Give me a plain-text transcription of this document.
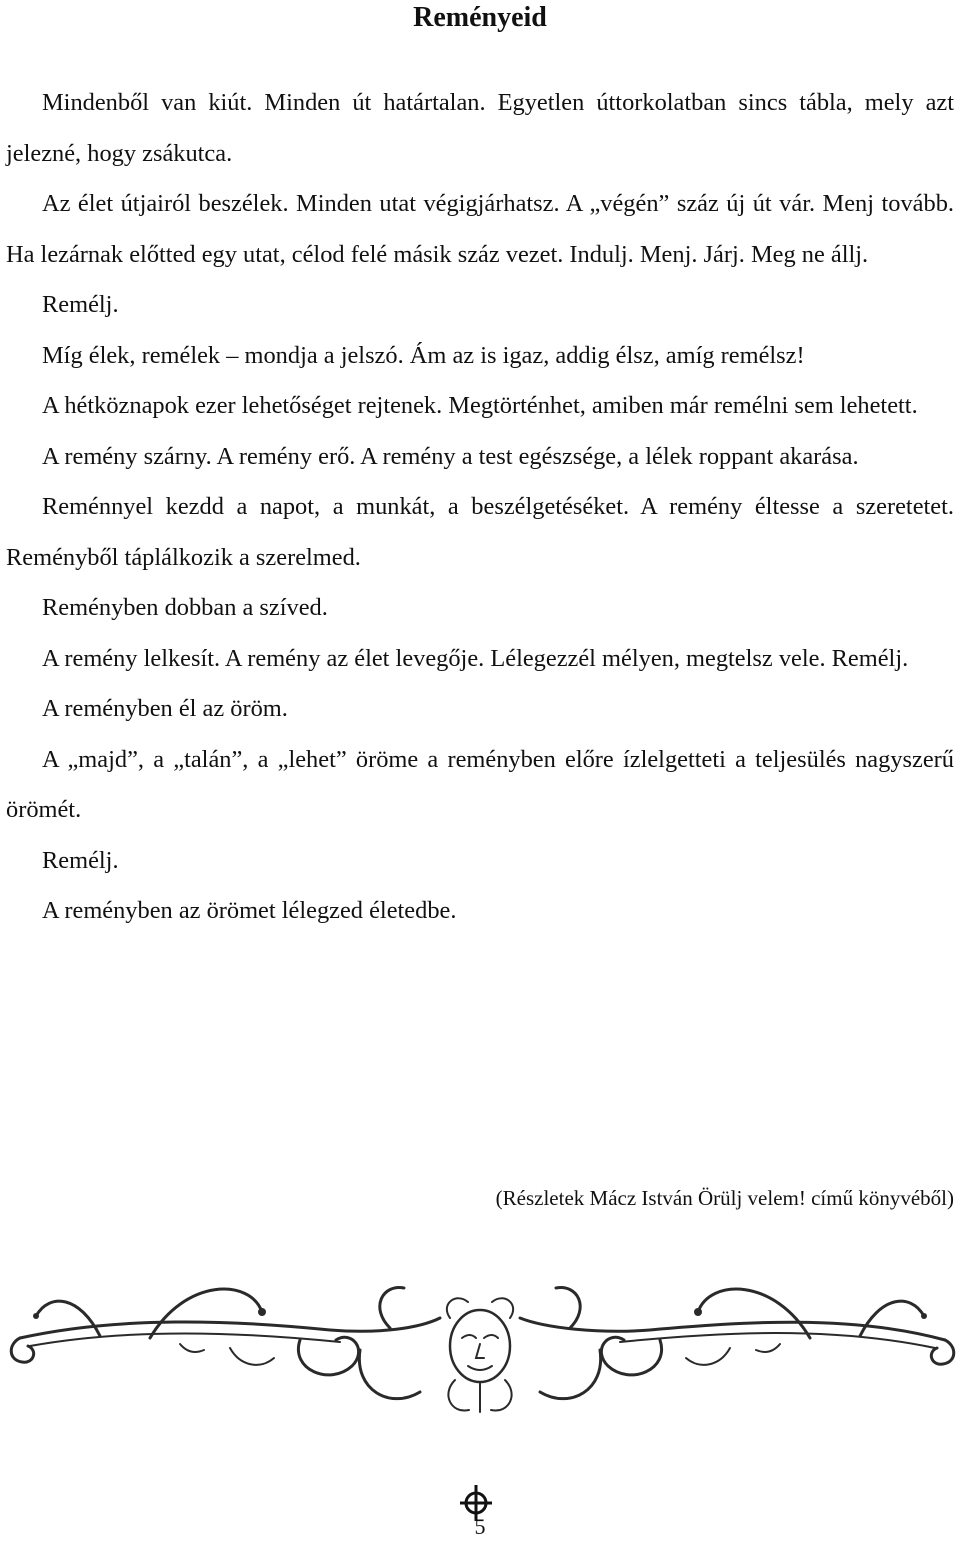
Reményeid

Mindenből van kiút. Minden út határtalan. Egyetlen úttorkolatban sincs tábla, mely azt jelezné, hogy zsákutca.

Az élet útjairól beszélek. Minden utat végigjárhatsz. A „végén” száz új út vár. Menj tovább. Ha lezárnak előtted egy utat, célod felé másik száz vezet. Indulj. Menj. Járj. Meg ne állj.

Remélj.

Míg élek, remélek – mondja a jelszó. Ám az is igaz, addig élsz, amíg remélsz!

A hétköznapok ezer lehetőséget rejtenek. Megtörténhet, amiben már remélni sem lehetett.

A remény szárny. A remény erő. A remény a test egészsége, a lélek roppant akarása.

Reménnyel kezdd a napot, a munkát, a beszélgetéséket. A remény éltesse a szeretetet. Reményből táplálkozik a szerelmed.

Reményben dobban a szíved.

A remény lelkesít. A remény az élet levegője. Lélegezzél mélyen, megtelsz vele. Remélj.

A reményben él az öröm.

A „majd”, a „talán”, a „lehet” öröme a reményben előre ízlelgetteti a teljesülés nagyszerű örömét.

Remélj.

A reményben az örömet lélegzed életedbe.

(Részletek Mácz István Örülj velem! című könyvéből)
5
